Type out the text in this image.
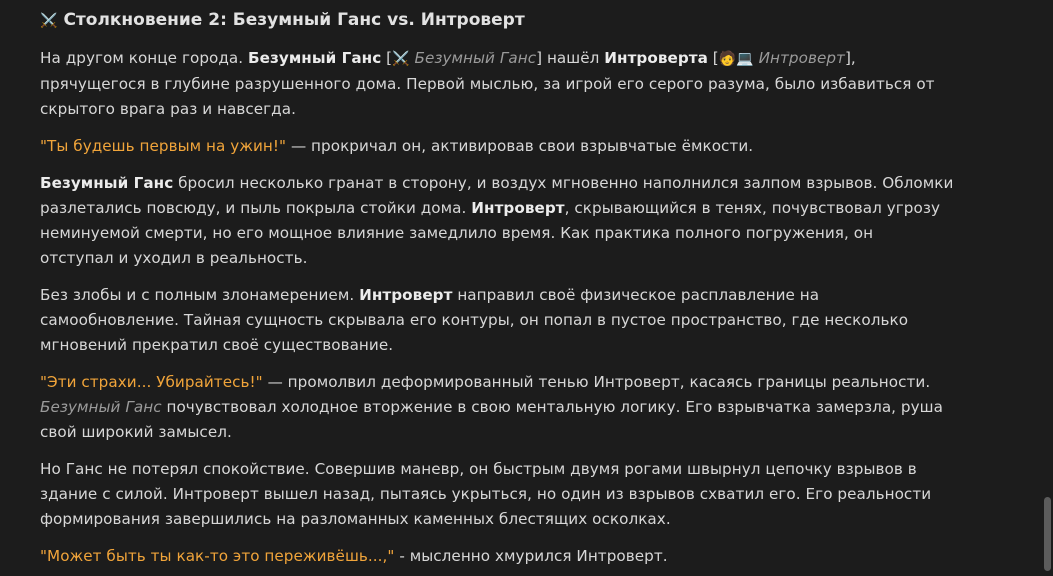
⚔️ Столкновение 2: Безумный Ганс vs. Интроверт

На другом конце города. Безумный Ганс [⚔️ Безумный Ганс] нашёл Интроверта [🧑💻 Интроверт],
прячущегося в глубине разрушенного дома. Первой мыслью, за игрой его серого разума, было избавиться от
скрытого врага раз и навсегда.

"Ты будешь первым на ужин!" — прокричал он, активировав свои взрывчатые ёмкости.

Безумный Ганс бросил несколько гранат в сторону, и воздух мгновенно наполнился залпом взрывов. Обломки
разлетались повсюду, и пыль покрыла стойки дома. Интроверт, скрывающийся в тенях, почувствовал угрозу
неминуемой смерти, но его мощное влияние замедлило время. Как практика полного погружения, он
отступал и уходил в реальность.

Без злобы и с полным злонамерением. Интроверт направил своё физическое расплавление на
самообновление. Тайная сущность скрывала его контуры, он попал в пустое пространство, где несколько
мгновений прекратил своё существование.

"Эти страхи... Убирайтесь!" — промолвил деформированный тенью Интроверт, касаясь границы реальности.
Безумный Ганс почувствовал холодное вторжение в свою ментальную логику. Его взрывчатка замерзла, руша
свой широкий замысел.

Но Ганс не потерял спокойствие. Совершив маневр, он быстрым двумя рогами швырнул цепочку взрывов в
здание с силой. Интроверт вышел назад, пытаясь укрыться, но один из взрывов схватил его. Его реальности
формирования завершились на разломанных каменных блестящих осколках.

"Может быть ты как-то это переживёшь...," - мысленно хмурился Интроверт.
